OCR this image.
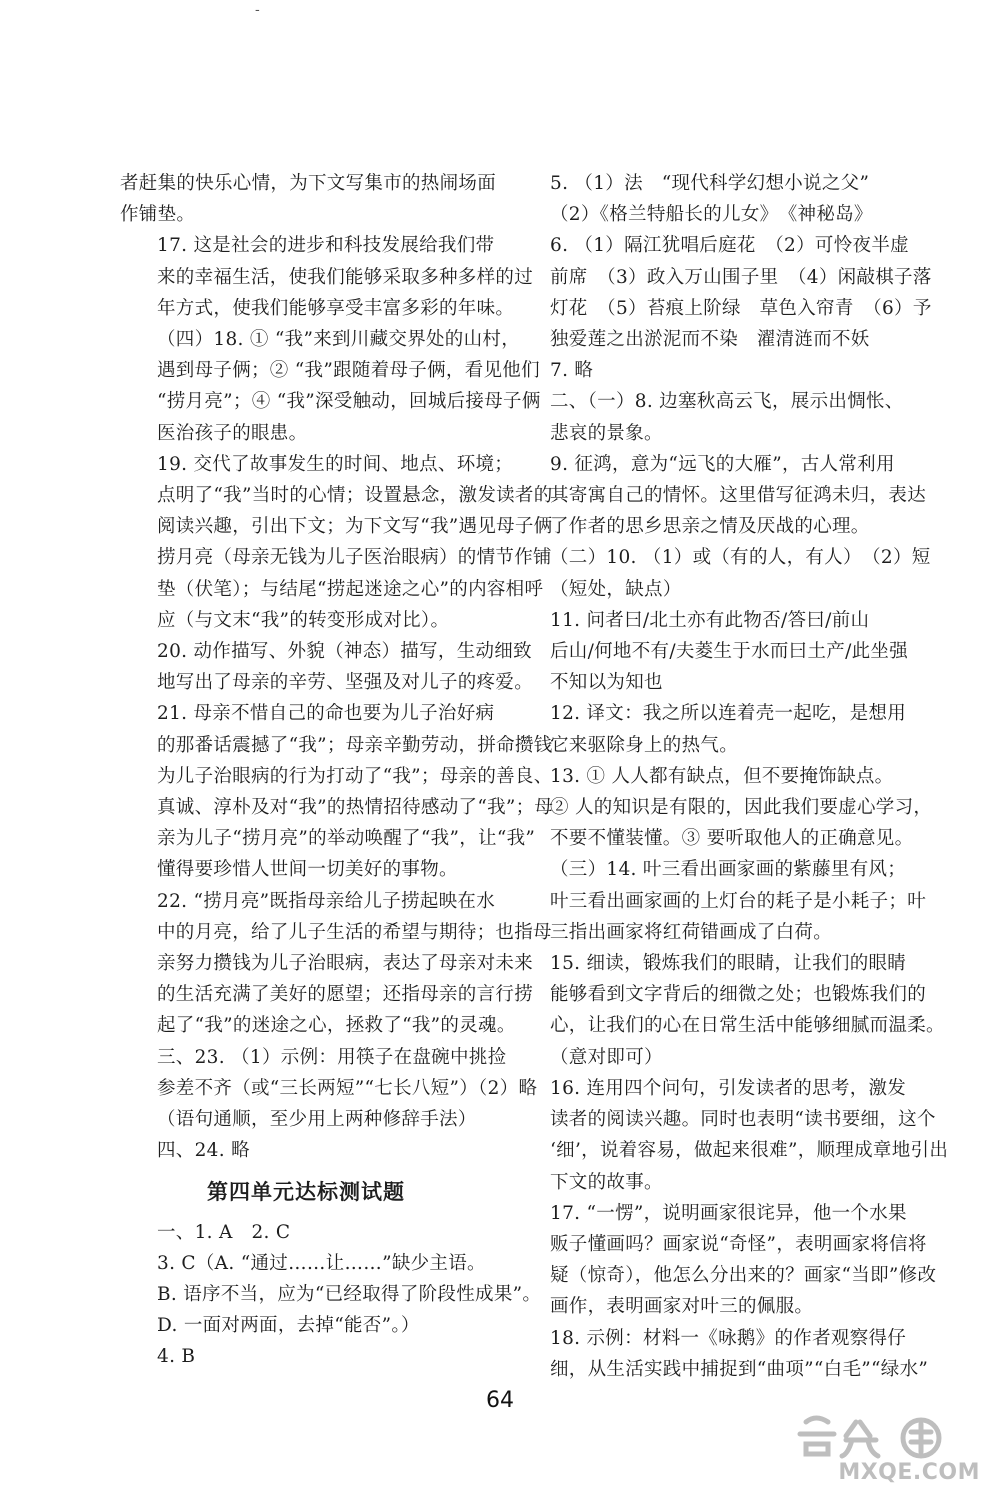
-

者赶集的快乐心情，为下文写集市的热闹场面
作铺垫。

17. 这是社会的进步和科技发展给我们带
来的幸福生活，使我们能够采取多种多样的过
年方式，使我们能够享受丰富多彩的年味。

（四）18. ① “我”来到川藏交界处的山村，
遇到母子俩；② “我”跟随着母子俩，看见他们
“捞月亮”；④ “我”深受触动，回城后接母子俩
医治孩子的眼患。

19. 交代了故事发生的时间、地点、环境；
点明了“我”当时的心情；设置悬念，激发读者的
阅读兴趣，引出下文；为下文写“我”遇见母子俩
捞月亮（母亲无钱为儿子医治眼病）的情节作铺
垫（伏笔）；与结尾“捞起迷途之心”的内容相呼
应（与文末“我”的转变形成对比）。

20. 动作描写、外貌（神态）描写，生动细致
地写出了母亲的辛劳、坚强及对儿子的疼爱。

21. 母亲不惜自己的命也要为儿子治好病
的那番话震撼了“我”；母亲辛勤劳动，拼命攒钱
为儿子治眼病的行为打动了“我”；母亲的善良、
真诚、淳朴及对“我”的热情招待感动了“我”；母
亲为儿子“捞月亮”的举动唤醒了“我”，让“我”
懂得要珍惜人世间一切美好的事物。

22. “捞月亮”既指母亲给儿子捞起映在水
中的月亮，给了儿子生活的希望与期待；也指母
亲努力攒钱为儿子治眼病，表达了母亲对未来
的生活充满了美好的愿望；还指母亲的言行捞
起了“我”的迷途之心，拯救了“我”的灵魂。

三、23. （1）示例：用筷子在盘碗中挑捡
参差不齐（或“三长两短”“七长八短”）（2）略
（语句通顺，至少用上两种修辞手法）

四、24. 略

第四单元达标测试题

一、1. A　2. C

3. C（A. “通过……让……”缺少主语。
B. 语序不当，应为“已经取得了阶段性成果”。
D. 一面对两面，去掉“能否”。）

4. B

5. （1）法　“现代科学幻想小说之父”
（2）《格兰特船长的儿女》　《神秘岛》

6. （1）隔江犹唱后庭花　（2）可怜夜半虚
前席　（3）政入万山围子里　（4）闲敲棋子落
灯花　（5）苔痕上阶绿　草色入帘青　（6）予
独爱莲之出淤泥而不染　濯清涟而不妖

7. 略

二、（一）8. 边塞秋高云飞，展示出惆怅、
悲哀的景象。

9. 征鸿，意为“远飞的大雁”，古人常利用
其寄寓自己的情怀。这里借写征鸿未归，表达
了作者的思乡思亲之情及厌战的心理。

（二）10. （1）或（有的人，有人）　（2）短
（短处，缺点）

11. 问者曰/北土亦有此物否/答曰/前山
后山/何地不有/夫菱生于水而曰土产/此坐强
不知以为知也

12. 译文：我之所以连着壳一起吃，是想用
它来驱除身上的热气。

13. ① 人人都有缺点，但不要掩饰缺点。
② 人的知识是有限的，因此我们要虚心学习，
不要不懂装懂。③ 要听取他人的正确意见。

（三）14. 叶三看出画家画的紫藤里有风；
叶三看出画家画的上灯台的耗子是小耗子；叶
三指出画家将红荷错画成了白荷。

15. 细读，锻炼我们的眼睛，让我们的眼睛
能够看到文字背后的细微之处；也锻炼我们的
心，让我们的心在日常生活中能够细腻而温柔。
（意对即可）

16. 连用四个问句，引发读者的思考，激发
读者的阅读兴趣。同时也表明“读书要细，这个
‘细’，说着容易，做起来很难”，顺理成章地引出
下文的故事。

17. “一愣”，说明画家很诧异，他一个水果
贩子懂画吗？画家说“奇怪”，表明画家将信将
疑（惊奇），他怎么分出来的？画家“当即”修改
画作，表明画家对叶三的佩服。

18. 示例：材料一《咏鹅》的作者观察得仔
细，从生活实践中捕捉到“曲项”“白毛”“绿水”

64
MXQE.COM
